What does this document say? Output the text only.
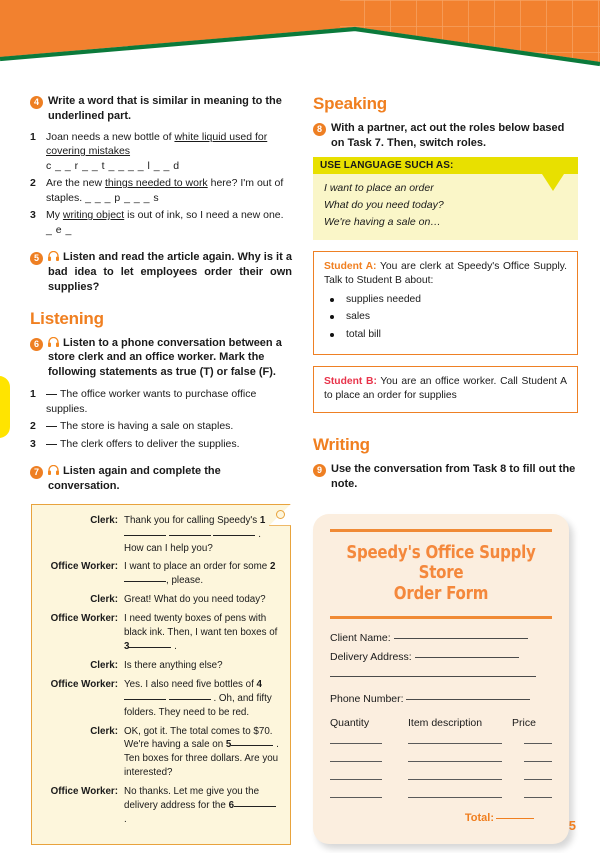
4 Write a word that is similar in meaning to the underlined part.
1 Joan needs a new bottle of white liquid used for covering mistakes
c _ _ r _ _ t _ _ _ _ l _ _ d
2 Are the new things needed to work here? I'm out of staples. _ _ _ p _ _ _ s
3 My writing object is out of ink, so I need a new one. _ e _
5	Listen and read the article again. Why is it a bad idea to let employees order their own supplies?
Listening
6	Listen to a phone conversation between a store clerk and an office worker. Mark the following statements as true (T) or false (F).
1	The office worker wants to purchase office supplies.
2	The store is having a sale on staples.
3	The clerk offers to deliver the supplies.
7	Listen again and complete the conversation.
Clerk: Thank you for calling Speedy's 1   . How can I help you?
Office Worker: I want to place an order for some 2, please.
Clerk: Great! What do you need today?
Office Worker: I need twenty boxes of pens with black ink. Then, I want ten boxes of 3	.
Clerk: Is there anything else?
Office Worker: Yes. I also need five bottles of 4  . Oh, and fifty folders. They need to be red.
Clerk: OK, got it. The total comes to $70. We're having a sale on 5	. Ten boxes for three dollars. Are you interested?
Office Worker: No thanks. Let me give you the delivery address for the 6 .
Speaking
8 With a partner, act out the roles below based on Task 7. Then, switch roles.
USE LANGUAGE SUCH AS:
I want to place an order
What do you need today?
We're having a sale on…
Student A: You are clerk at Speedy's Office Supply. Talk to Student B about:
supplies needed
sales
total bill
Student B: You are an office worker. Call Student A to place an order for supplies
Writing
9 Use the conversation from Task 8 to fill out the note.
Speedy's Office Supply Store
Order Form
Client Name:
Delivery Address:
Phone Number:
Quantity	Item description	Price
Total:
5
